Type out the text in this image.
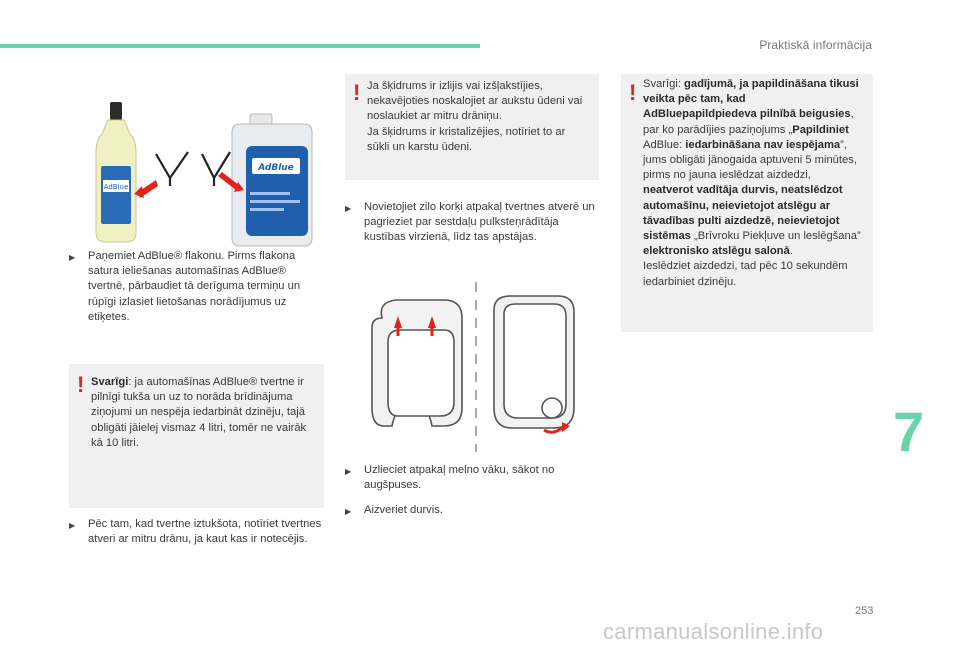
Praktiskā informācija
AdBlue
AdBlue
▶ Paņemiet AdBlue® flakonu. Pirms flakona satura ieliešanas automašīnas AdBlue® tvertnē, pārbaudiet tā derīguma termiņu un rūpīgi izlasiet lietošanas norādījumus uz etiķetes.

! Svarīgi: ja automašīnas AdBlue® tvertne ir pilnīgi tukša un uz to norāda brīdinājuma ziņojumi un nespēja iedarbināt dzinēju, tajā obligāti jāielej vismaz 4 litri, tomēr ne vairāk kā 10 litri.

▶ Pēc tam, kad tvertne iztukšota, notīriet tvertnes atveri ar mitru drānu, ja kaut kas ir notecējis.

! Ja šķidrums ir izlijis vai izšļakstījies, nekavējoties noskalojiet ar aukstu ūdeni vai noslaukiet ar mitru drāniņu.

Ja šķidrums ir kristalizējies, notīriet to ar sūkli un karstu ūdeni.

▶ Novietojiet zilo korķi atpakaļ tvertnes atverē un pagrieziet par sestdaļu pulksteņrādītāja kustības virzienā, līdz tas apstājas.

▶ Uzlieciet atpakaļ melno vāku, sākot no augšpuses.

▶ Aizveriet durvis.

! Svarīgi: gadījumā, ja papildināšana tikusi veikta pēc tam, kad AdBluepapildpiedeva pilnībā beigusies, par ko parādījies paziņojums „Papildiniet AdBlue: iedarbināšana nav iespējama”, jums obligāti jānogaida aptuveni 5 minūtes, pirms no jauna ieslēdzat aizdedzi, neatverot vadītāja durvis, neatslēdzot automašīnu, neievietojot atslēgu ar tāvadības pulti aizdedzē, neievietojot sistēmas „Brīvroku Piekļuve un leslēgšana”
elektronisko atslēgu salonā.
Ieslēdziet aizdedzi, tad pēc 10 sekundēm iedarbiniet dzinēju.

7
253
carmanualsonline.info
